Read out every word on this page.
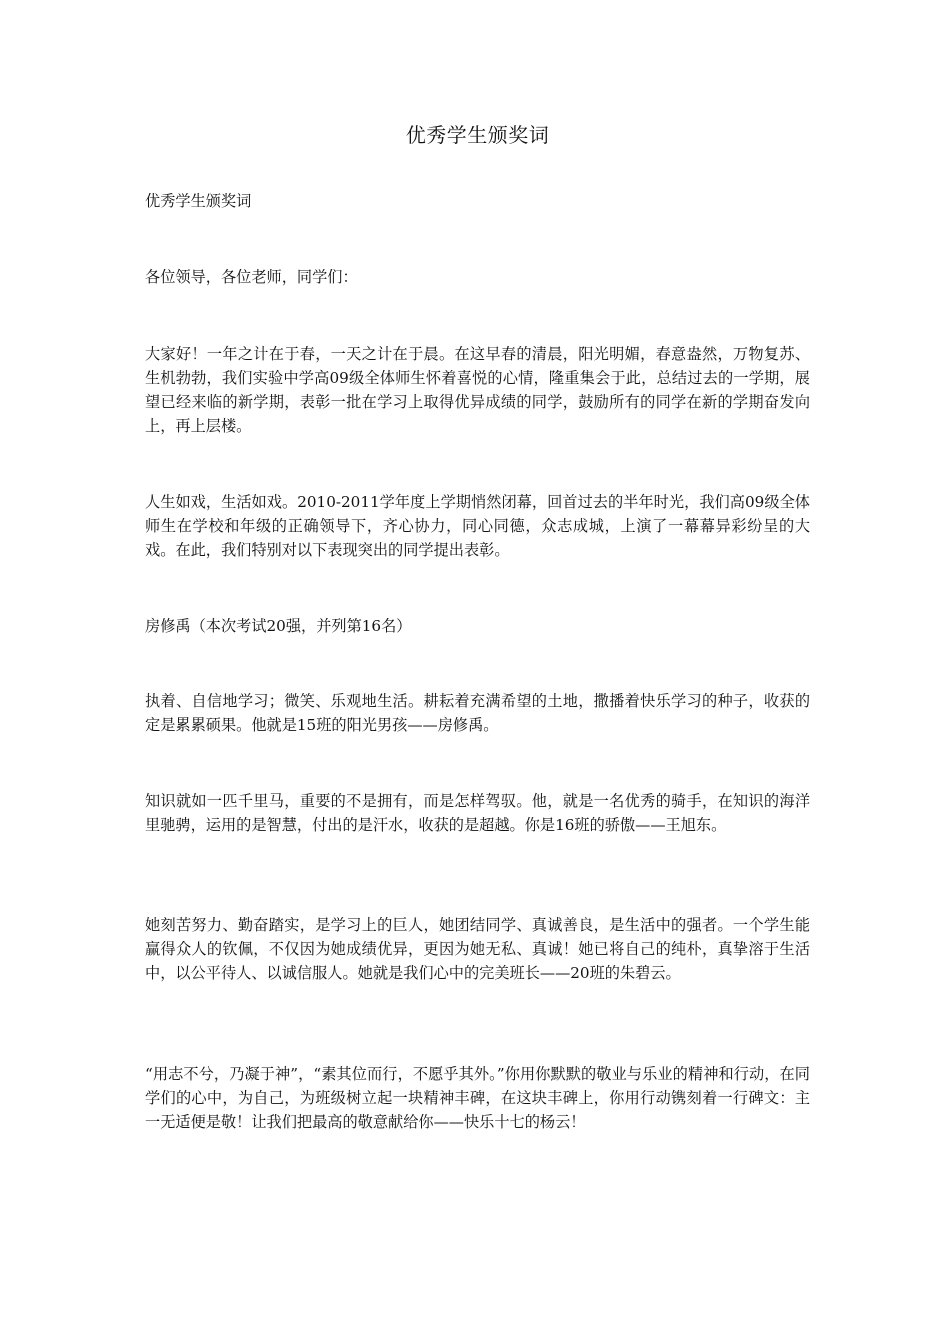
优秀学生颁奖词

优秀学生颁奖词

各位领导，各位老师，同学们：

大家好！一年之计在于春，一天之计在于晨。在这早春的清晨，阳光明媚，春意盎然，万物复苏、生机勃勃，我们实验中学高09级全体师生怀着喜悦的心情，隆重集会于此，总结过去的一学期，展望已经来临的新学期，表彰一批在学习上取得优异成绩的同学，鼓励所有的同学在新的学期奋发向上，再上层楼。

人生如戏，生活如戏。2010-2011学年度上学期悄然闭幕，回首过去的半年时光，我们高09级全体师生在学校和年级的正确领导下，齐心协力，同心同德，众志成城，上演了一幕幕异彩纷呈的大戏。在此，我们特别对以下表现突出的同学提出表彰。

房修禹（本次考试20强，并列第16名）

执着、自信地学习；微笑、乐观地生活。耕耘着充满希望的土地，撒播着快乐学习的种子，收获的定是累累硕果。他就是15班的阳光男孩——房修禹。

知识就如一匹千里马，重要的不是拥有，而是怎样驾驭。他，就是一名优秀的骑手，在知识的海洋里驰骋，运用的是智慧，付出的是汗水，收获的是超越。你是16班的骄傲——王旭东。

她刻苦努力、勤奋踏实，是学习上的巨人，她团结同学、真诚善良，是生活中的强者。一个学生能赢得众人的钦佩，不仅因为她成绩优异，更因为她无私、真诚！她已将自己的纯朴，真挚溶于生活中，以公平待人、以诚信服人。她就是我们心中的完美班长——20班的朱碧云。

“用志不兮，乃凝于神”，“素其位而行，不愿乎其外。”你用你默默的敬业与乐业的精神和行动，在同学们的心中，为自己，为班级树立起一块精神丰碑，在这块丰碑上，你用行动镌刻着一行碑文：主一无适便是敬！让我们把最高的敬意献给你——快乐十七的杨云！
